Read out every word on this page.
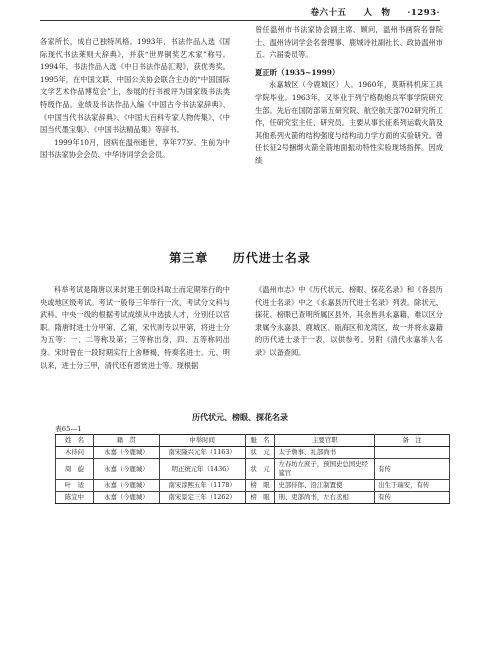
卷六十五 人　物 ·1293·

各家所长，成自己独特风格。1993年，书法作品入选《国际现代书法莱则大辞典》，并获“世界铜奖艺术家”称号。1994年，书法作品入选《中日书法作品汇观》，获优秀奖。1995年，在中国文联、中国公关协会联合主办的“中国国际文学艺术作品博览会”上，参展的行书被评为国家级书法类特级作品。业绩及书法作品入编《中国古今书法家辞典》、《中国当代书法家辞典》、《中国大百科专家人物传集》、《中国当代墨宝集》、《中国书法精品集》等辞书。

1999年10月，因病在温州逝世，享年77岁。生前为中国书法家协会会员、中华诗词学会会员。

曾任温州市书法家协会副主席、顾问，温州书画院名誉院士、温州诗词学会名誉理事、鹿城诗社副社长、政协温州市五、六届委员等。

夏正昕（1935~1999）

永嘉城区（今鹿城区）人。1960年，莫斯科机床工具学院毕业。1963年，又毕业于列宁格勒炮兵军事学院研究生部。先后在国防部第五研究院、航空航天部702研究所工作，任研究室主任、研究员。主要从事长征系列运载火箭及其他系列火箭的结构强度与结构动力学方面的实验研究。曾任长征2号捆绑火箭全箭地面振动特性实验现场指挥。因成绩

第三章 历代进士名录

科举考试是隋唐以来封建王朝设科取士而定期举行的中央或地区级考试。考试一般每三年举行一次，考试分文科与武科。中央一级的根据考试成绩从中选拔人才，分别任以官职。隋唐时进士分甲第、乙第，宋代则专以甲第，将进士分为五等：一、二等称及第；三等称出身，四、五等称同出身。宋时曾在一段时期实行上舍释褐，特奏名进士。元、明以来，进士分三甲，清代还有恩赏进士等。现根据

《温州市志》中《历代状元、榜眼、探花名录》和《各县历代进士名录》中之《永嘉县历代进士名录》列表。除状元、探花、榜眼已查明所属区县外，其余皆具永嘉籍，难以区分隶属今永嘉县、鹿城区、瓯海区和龙湾区，故一并将永嘉籍的历代进士录于一表，以供参考。另附《清代永嘉举人名录》以备查阅。

历代状元、榜眼、探花名录
表65—1
姓　名	籍　贯	中举时间	魁　名	主要官职	备　注
木待问	永嘉（今鹿城）	南宋隆兴元年（1163）	状　元	太子詹事、礼部尚书	
周　旋	永嘉（今鹿城）	明正统元年（1436）	状　元	左春坊左庶子，预国史总国史经筵官	有传
叶　适	永嘉（今鹿城）	南宋淳熙五年（1178）	榜　眼	史部侍郎、沿江制置使	出生于瑞安，有传
陈宜中	永嘉（今鹿城）	南宋景定三年（1262）	榜　眼	刑、吏部尚书，左右丞相	有传
